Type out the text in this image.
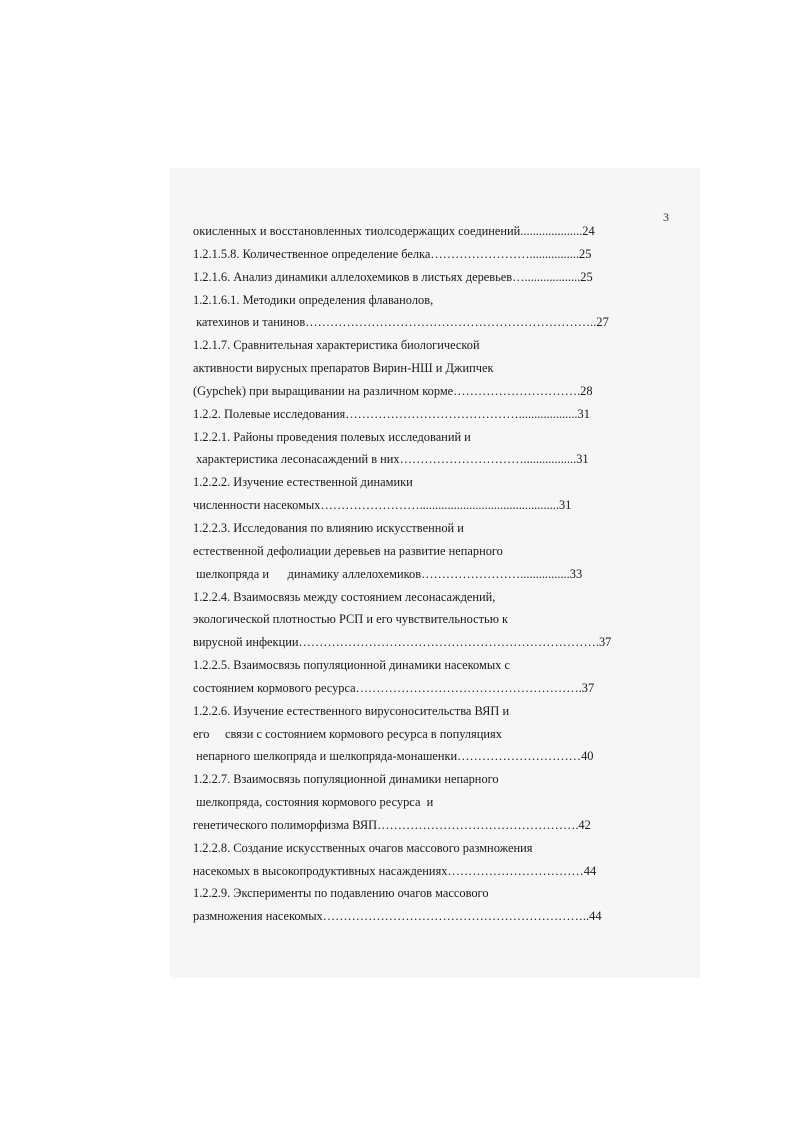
3
окисленных и восстановленных тиолсодержащих соединений....................24
1.2.1.5.8. Количественное определение белка……………………................25
1.2.1.6. Анализ динамики аллелохемиков в листьях деревьев…..................25
1.2.1.6.1. Методики определения флаванолов,
катехинов и танинов……………………………………………………………..27
1.2.1.7. Сравнительная характеристика биологической
активности вирусных препаратов Вирин-НШ и Джипчек
(Gypchek) при выращивании на различном корме………………………….28
1.2.2. Полевые исследования……………………………………...................31
1.2.2.1. Районы проведения полевых исследований и
характеристика лесонасаждений в них………………………….................31
1.2.2.2. Изучение естественной динамики
численности насекомых…………………….............................................31
1.2.2.3. Исследования по влиянию искусственной и
естественной дефолиации деревьев на развитие непарного
шелкопряда и      динамику аллелохемиков……………………................33
1.2.2.4. Взаимосвязь между состоянием лесонасаждений,
экологической плотностью РСП и его чувствительностью к
вирусной инфекции……………………………………………………………….37
1.2.2.5. Взаимосвязь популяционной динамики насекомых с
состоянием кормового ресурса……………………………………………….37
1.2.2.6. Изучение естественного вирусоносительства ВЯП и
его     связи с состоянием кормового ресурса в популяциях
непарного шелкопряда и шелкопряда-монашенки…………………………40
1.2.2.7. Взаимосвязь популяционной динамики непарного
шелкопряда, состояния кормового ресурса  и
генетического полиморфизма ВЯП………………………………………….42
1.2.2.8. Создание искусственных очагов массового размножения
насекомых в высокопродуктивных насаждениях……………………………44
1.2.2.9. Эксперименты по подавлению очагов массового
размножения насекомых………………………………………………………..44
